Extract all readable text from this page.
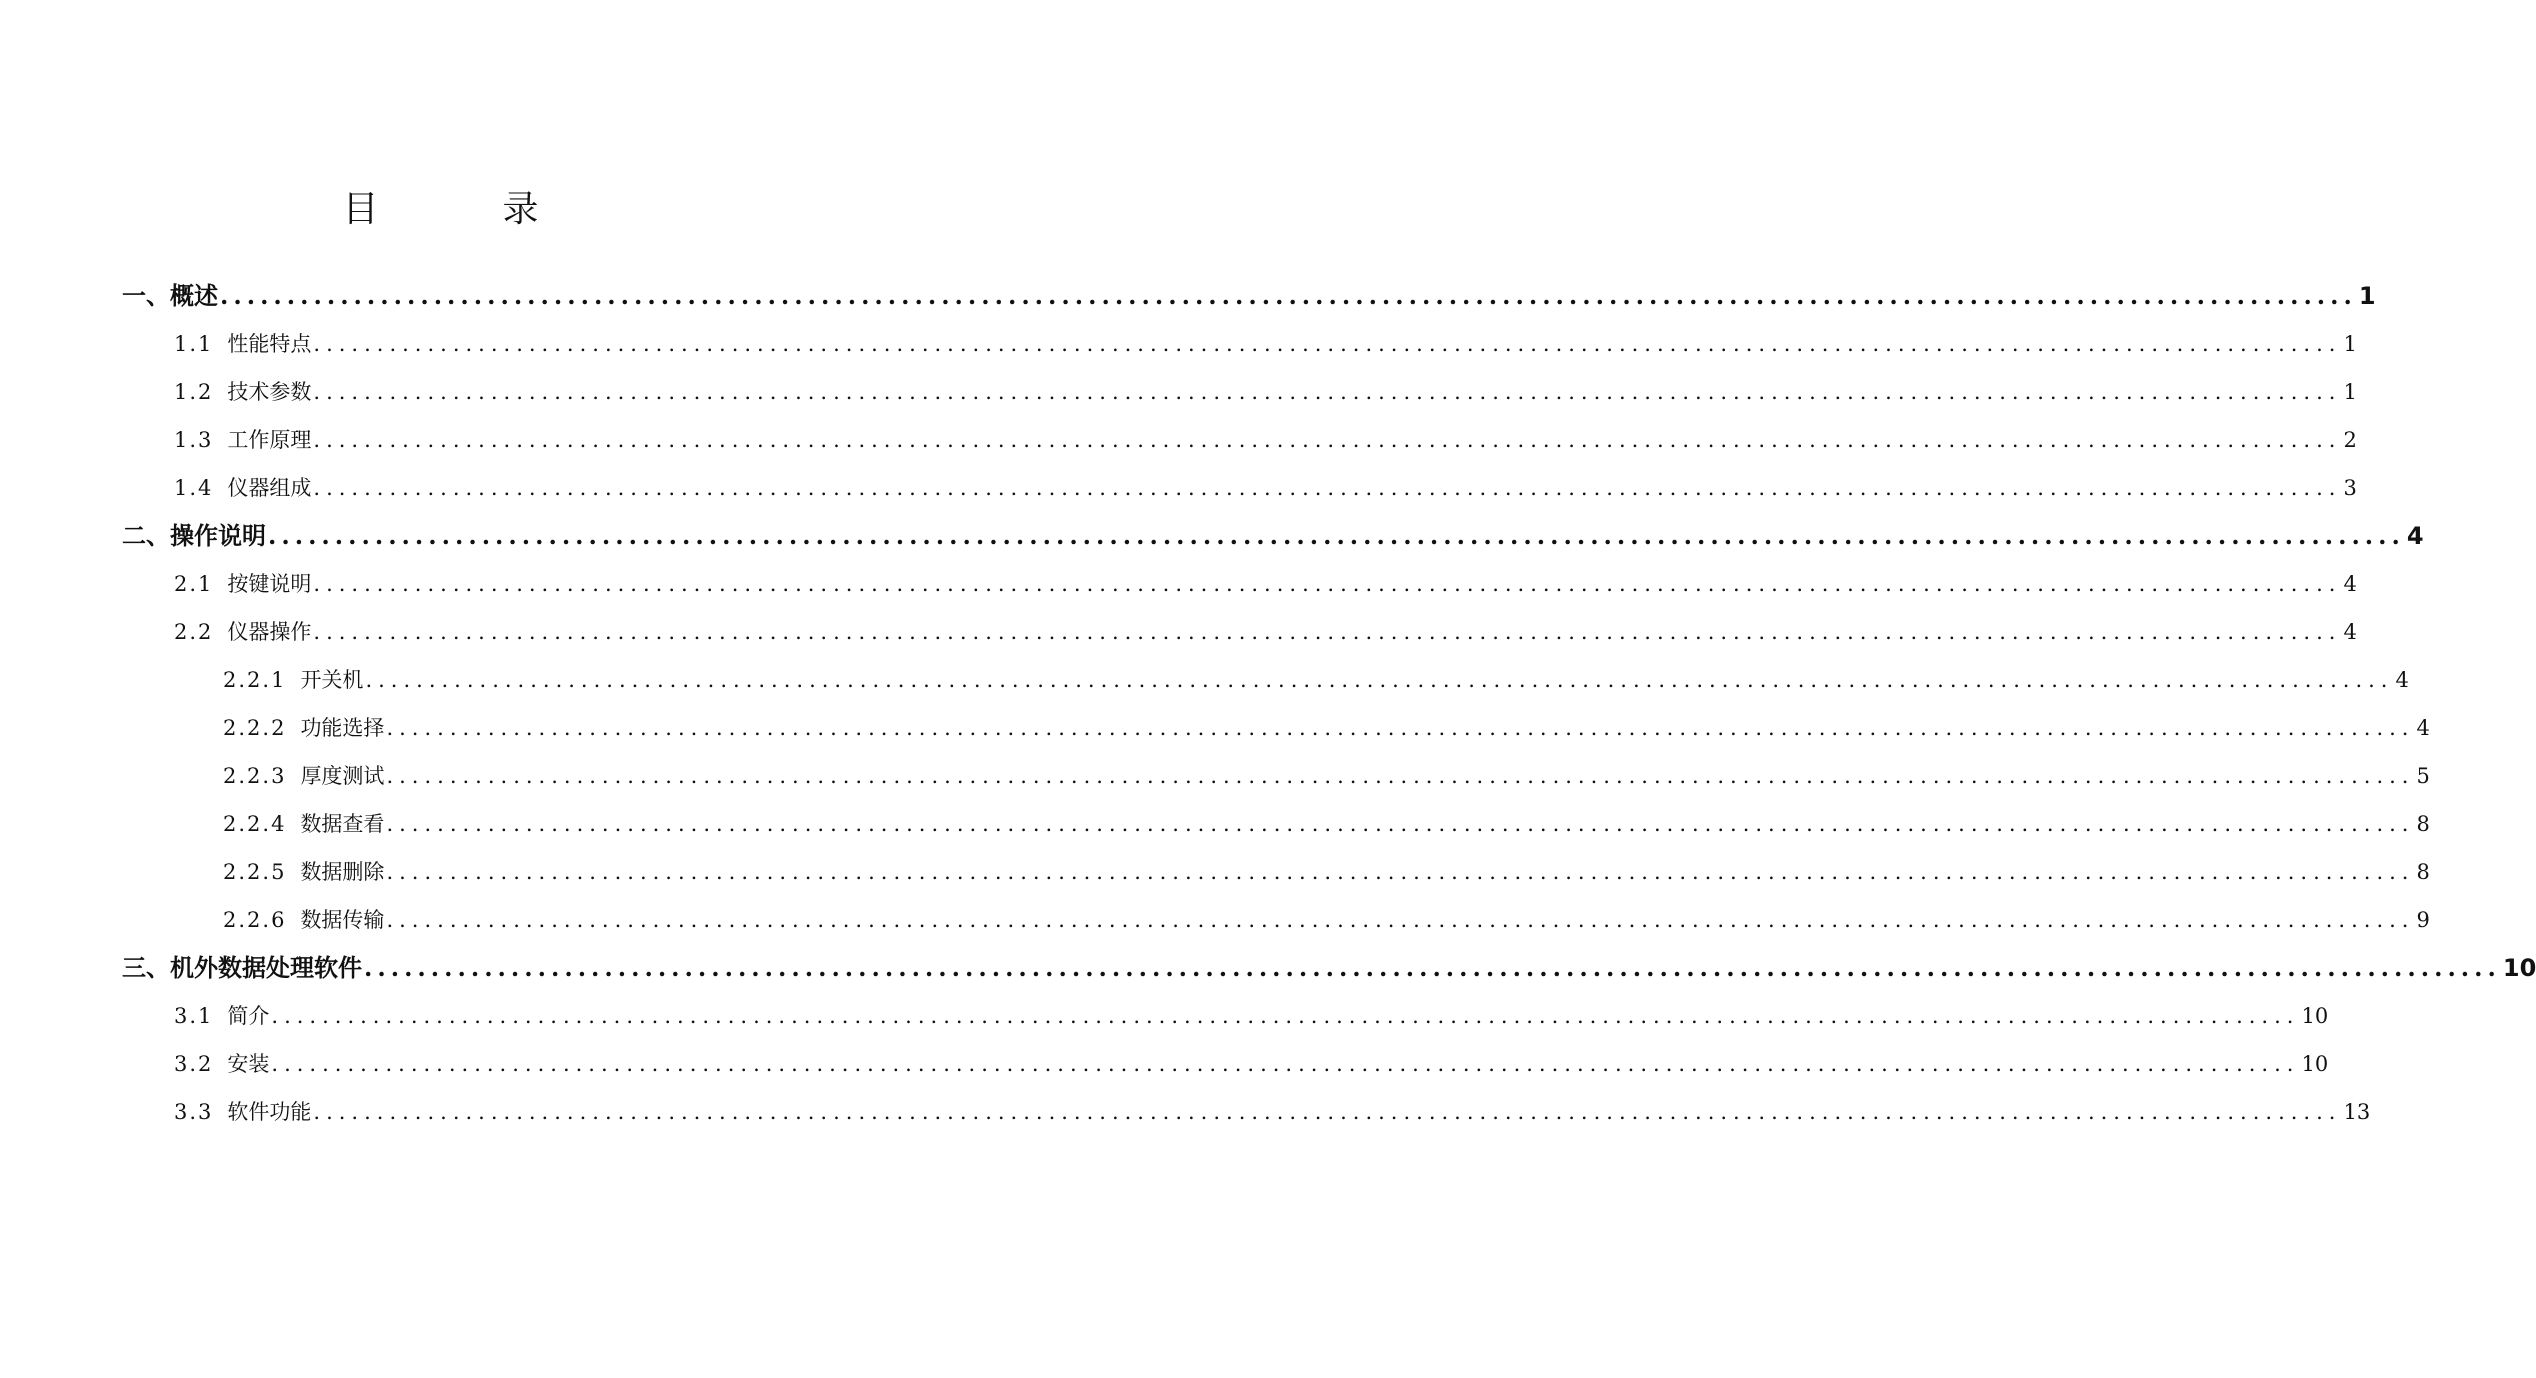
目　录
一、 概述 ................................................................................................................................................................ 1
1.1 性能特点 ................................................................................................................................................................ 1
1.2 技术参数 ................................................................................................................................................................ 1
1.3 工作原理 ................................................................................................................................................................ 2
1.4 仪器组成 ................................................................................................................................................................ 3
二、 操作说明 ................................................................................................................................................................ 4
2.1 按键说明 ................................................................................................................................................................ 4
2.2 仪器操作 ................................................................................................................................................................ 4
2.2.1 开关机 ................................................................................................................................................................ 4
2.2.2 功能选择 ................................................................................................................................................................ 4
2.2.3 厚度测试 ................................................................................................................................................................ 5
2.2.4 数据查看 ................................................................................................................................................................ 8
2.2.5 数据删除 ................................................................................................................................................................ 8
2.2.6 数据传输 ................................................................................................................................................................ 9
三、 机外数据处理软件 ................................................................................................................................................................ 10
3.1 简介 ................................................................................................................................................................ 10
3.2 安装 ................................................................................................................................................................ 10
3.3 软件功能 ................................................................................................................................................................ 13
